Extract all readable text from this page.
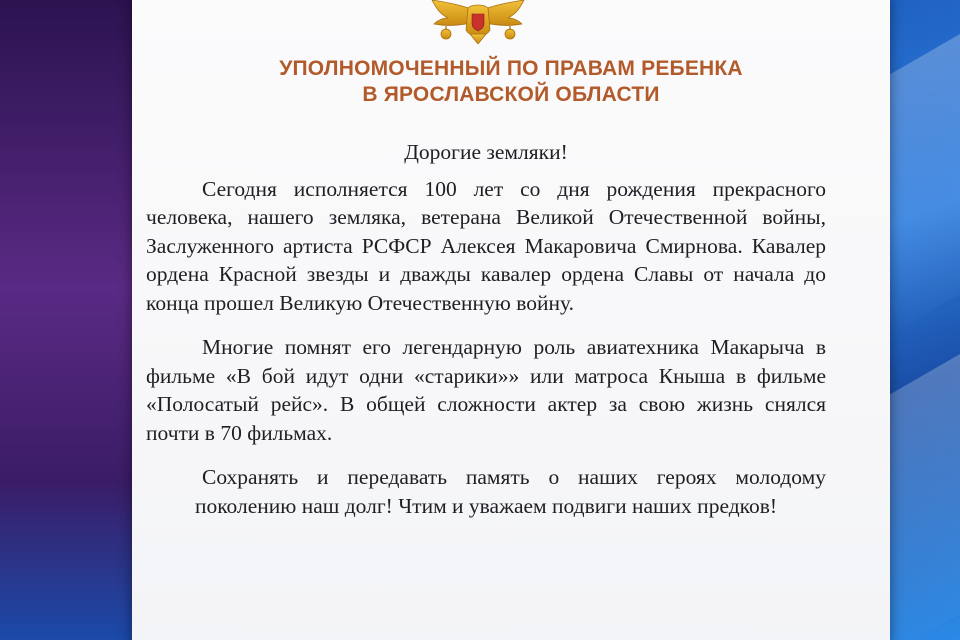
УПОЛНОМОЧЕННЫЙ ПО ПРАВАМ РЕБЕНКА
В ЯРОСЛАВСКОЙ ОБЛАСТИ

Дорогие земляки!

Сегодня исполняется 100 лет со дня рождения прекрасного человека, нашего земляка, ветерана Великой Отечественной войны, Заслуженного артиста РСФСР Алексея Макаровича Смирнова. Кавалер ордена Красной звезды и дважды кавалер ордена Славы от начала до конца прошел Великую Отечественную войну.

Многие помнят его легендарную роль авиатехника Макарыча в фильме «В бой идут одни «старики»» или матроса Кныша в фильме «Полосатый рейс». В общей сложности актер за свою жизнь снялся почти в 70 фильмах.

Сохранять и передавать память о наших героях молодому поколению наш долг! Чтим и уважаем подвиги наших предков!
